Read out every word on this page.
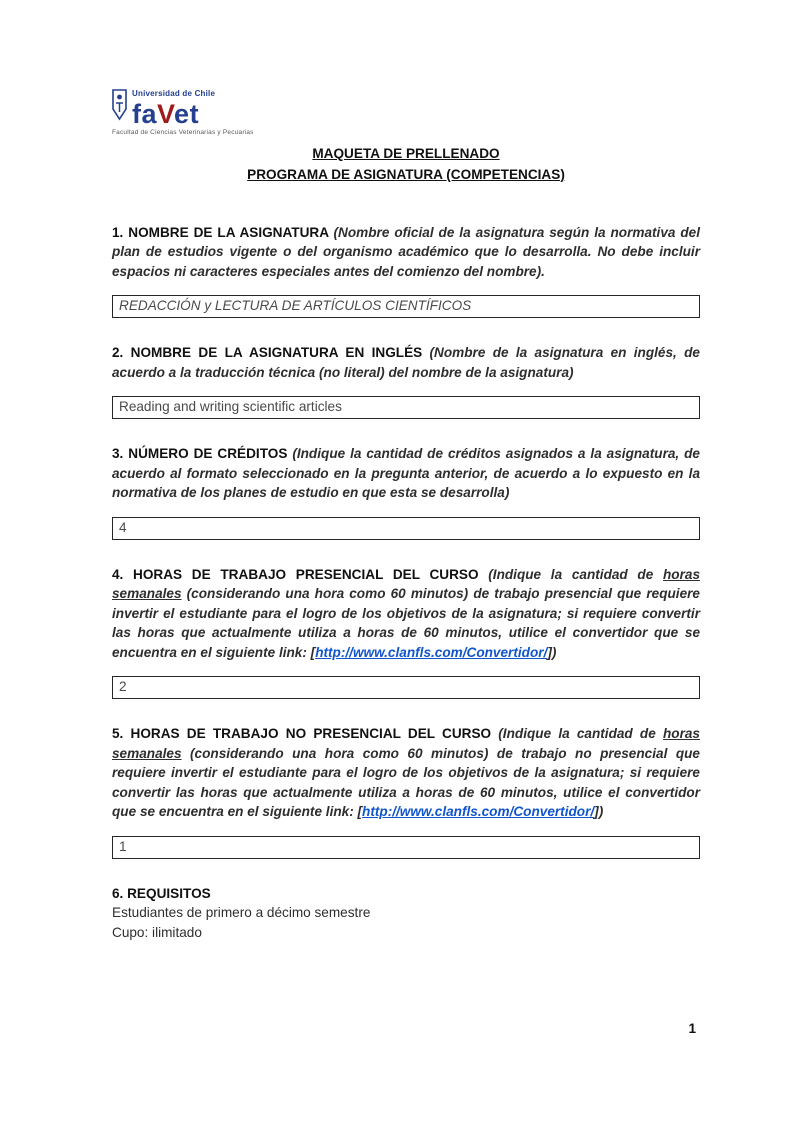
Universidad de Chile
faVet
Facultad de Ciencias Veterinarias y Pecuarias
MAQUETA DE PRELLENADO
PROGRAMA DE ASIGNATURA (COMPETENCIAS)

1. NOMBRE DE LA ASIGNATURA (Nombre oficial de la asignatura según la normativa del plan de estudios vigente o del organismo académico que lo desarrolla. No debe incluir espacios ni caracteres especiales antes del comienzo del nombre).

REDACCIÓN y LECTURA DE ARTÍCULOS CIENTÍFICOS

2. NOMBRE DE LA ASIGNATURA EN INGLÉS (Nombre de la asignatura en inglés, de acuerdo a la traducción técnica (no literal) del nombre de la asignatura)

Reading and writing scientific articles

3. NÚMERO DE CRÉDITOS (Indique la cantidad de créditos asignados a la asignatura, de acuerdo al formato seleccionado en la pregunta anterior, de acuerdo a lo expuesto en la normativa de los planes de estudio en que esta se desarrolla)

4

4. HORAS DE TRABAJO PRESENCIAL DEL CURSO (Indique la cantidad de horas semanales (considerando una hora como 60 minutos) de trabajo presencial que requiere invertir el estudiante para el logro de los objetivos de la asignatura; si requiere convertir las horas que actualmente utiliza a horas de 60 minutos, utilice el convertidor que se encuentra en el siguiente link: [http://www.clanfls.com/Convertidor/])

2

5. HORAS DE TRABAJO NO PRESENCIAL DEL CURSO (Indique la cantidad de horas semanales (considerando una hora como 60 minutos) de trabajo no presencial que requiere invertir el estudiante para el logro de los objetivos de la asignatura; si requiere convertir las horas que actualmente utiliza a horas de 60 minutos, utilice el convertidor que se encuentra en el siguiente link: [http://www.clanfls.com/Convertidor/])

1
6. REQUISITOS
Estudiantes de primero a décimo semestre
Cupo: ilimitado
1
